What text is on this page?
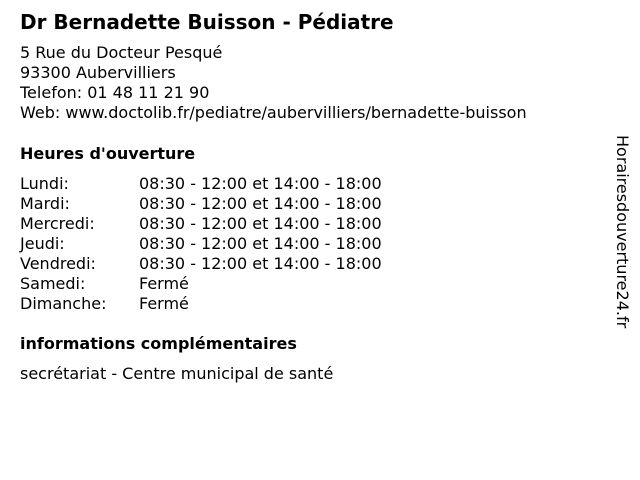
Dr Bernadette Buisson - Pédiatre
5 Rue du Docteur Pesqué
93300 Aubervilliers
Telefon: 01 48 11 21 90
Web: www.doctolib.fr/pediatre/aubervilliers/bernadette-buisson
Heures d'ouverture
Lundi:	08:30 - 12:00 et 14:00 - 18:00
Mardi:	08:30 - 12:00 et 14:00 - 18:00
Mercredi:	08:30 - 12:00 et 14:00 - 18:00
Jeudi:	08:30 - 12:00 et 14:00 - 18:00
Vendredi:	08:30 - 12:00 et 14:00 - 18:00
Samedi:	Fermé
Dimanche: Fermé
informations complémentaires
secrétariat - Centre municipal de santé
Horairesdouverture24.fr
